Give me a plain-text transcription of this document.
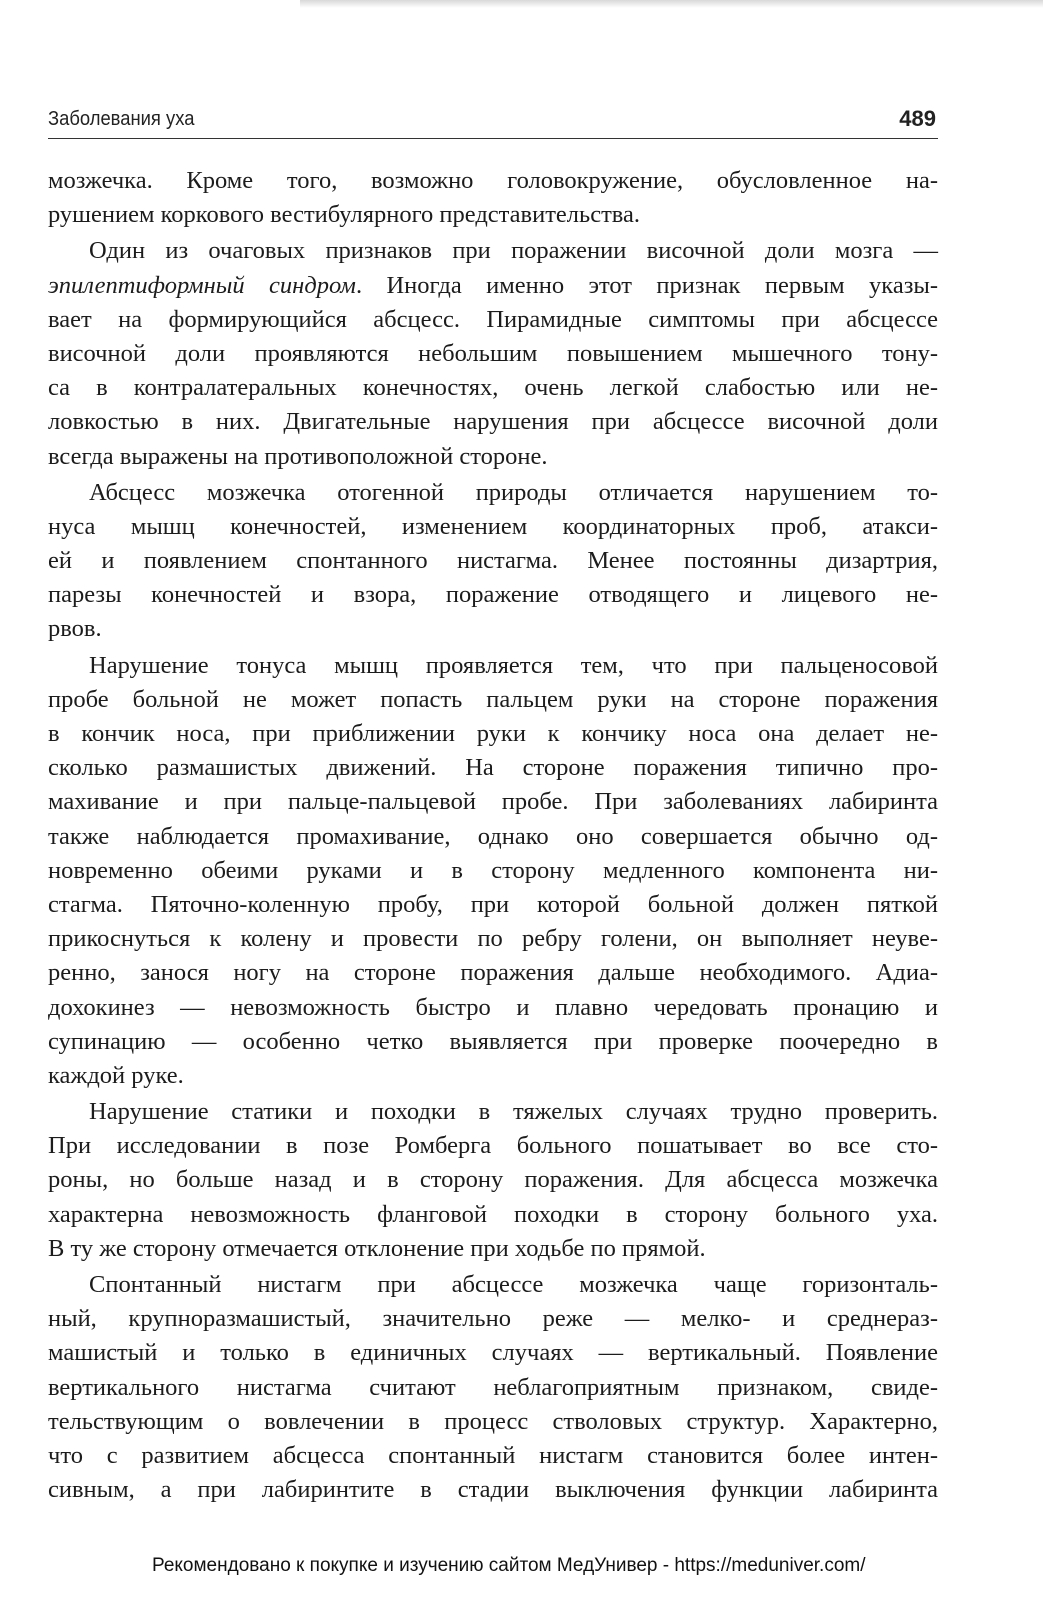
Заболевания уха	489
мозжечка. Кроме того, возможно головокружение, обусловленное на-
рушением коркового вестибулярного представительства.
Один из очаговых признаков при поражении височной доли мозга —
эпилептиформный синдром. Иногда именно этот признак первым указы-
вает на формирующийся абсцесс. Пирамидные симптомы при абсцессе
височной доли проявляются небольшим повышением мышечного тону-
са в контралатеральных конечностях, очень легкой слабостью или не-
ловкостью в них. Двигательные нарушения при абсцессе височной доли
всегда выражены на противоположной стороне.
Абсцесс мозжечка отогенной природы отличается нарушением то-
нуса мышц конечностей, изменением координаторных проб, атакси-
ей и появлением спонтанного нистагма. Менее постоянны дизартрия,
парезы конечностей и взора, поражение отводящего и лицевого не-
рвов.
Нарушение тонуса мышц проявляется тем, что при пальценосовой
пробе больной не может попасть пальцем руки на стороне поражения
в кончик носа, при приближении руки к кончику носа она делает не-
сколько размашистых движений. На стороне поражения типично про-
махивание и при пальце-пальцевой пробе. При заболеваниях лабиринта
также наблюдается промахивание, однако оно совершается обычно од-
новременно обеими руками и в сторону медленного компонента ни-
стагма. Пяточно-коленную пробу, при которой больной должен пяткой
прикоснуться к колену и провести по ребру голени, он выполняет неуве-
ренно, занося ногу на стороне поражения дальше необходимого. Адиа-
дохокинез — невозможность быстро и плавно чередовать пронацию и
супинацию — особенно четко выявляется при проверке поочередно в
каждой руке.
Нарушение статики и походки в тяжелых случаях трудно проверить.
При исследовании в позе Ромберга больного пошатывает во все сто-
роны, но больше назад и в сторону поражения. Для абсцесса мозжечка
характерна невозможность фланговой походки в сторону больного уха.
В ту же сторону отмечается отклонение при ходьбе по прямой.
Спонтанный нистагм при абсцессе мозжечка чаще горизонталь-
ный, крупноразмашистый, значительно реже — мелко- и среднераз-
машистый и только в единичных случаях — вертикальный. Появление
вертикального нистагма считают неблагоприятным признаком, свиде-
тельствующим о вовлечении в процесс стволовых структур. Характерно,
что с развитием абсцесса спонтанный нистагм становится более интен-
сивным, а при лабиринтите в стадии выключения функции лабиринта
Рекомендовано к покупке и изучению сайтом МедУнивер - https://meduniver.com/
